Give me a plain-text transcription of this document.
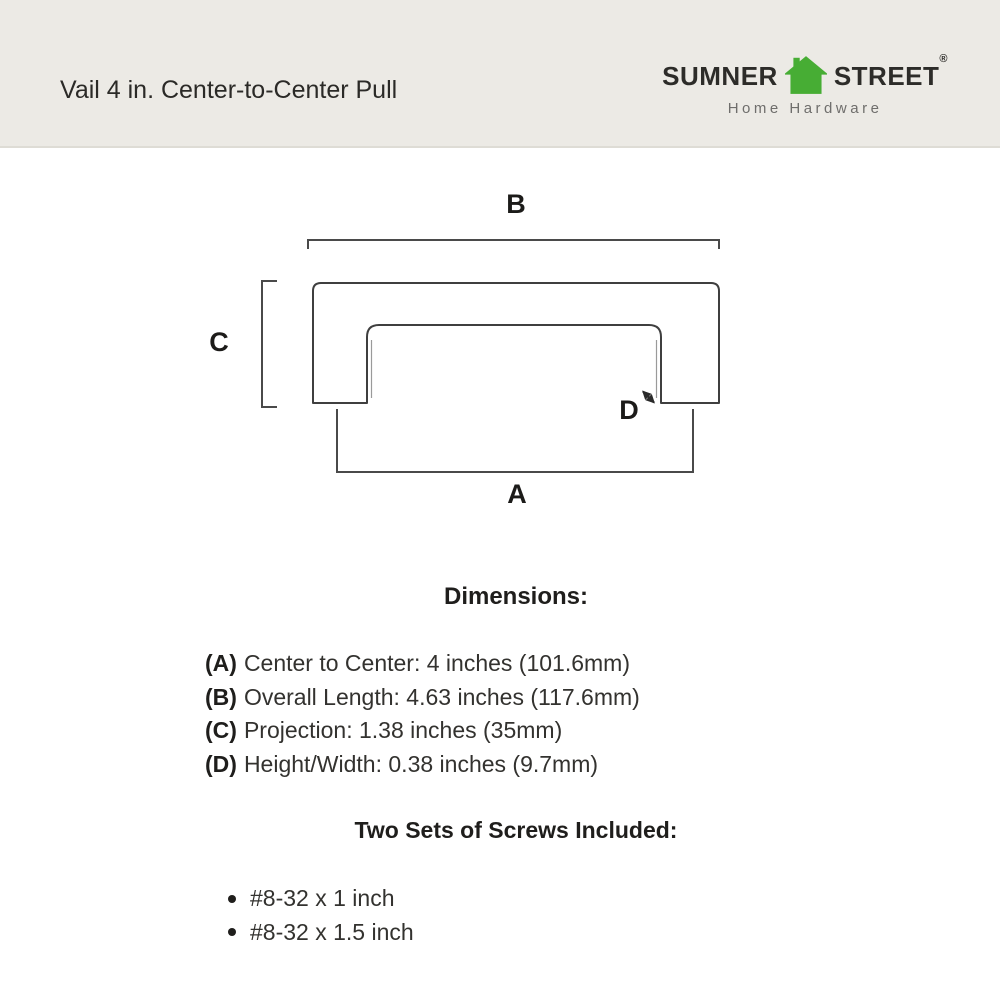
Vail 4 in. Center-to-Center Pull	SUMNER STREET
®
Home Hardware
B
C
D
A
Dimensions:
(A) Center to Center: 4 inches (101.6mm)
(B) Overall Length: 4.63 inches (117.6mm)
(C) Projection: 1.38 inches (35mm)
(D) Height/Width: 0.38 inches (9.7mm)
Two Sets of Screws Included:
#8-32 x 1 inch
#8-32 x 1.5 inch
